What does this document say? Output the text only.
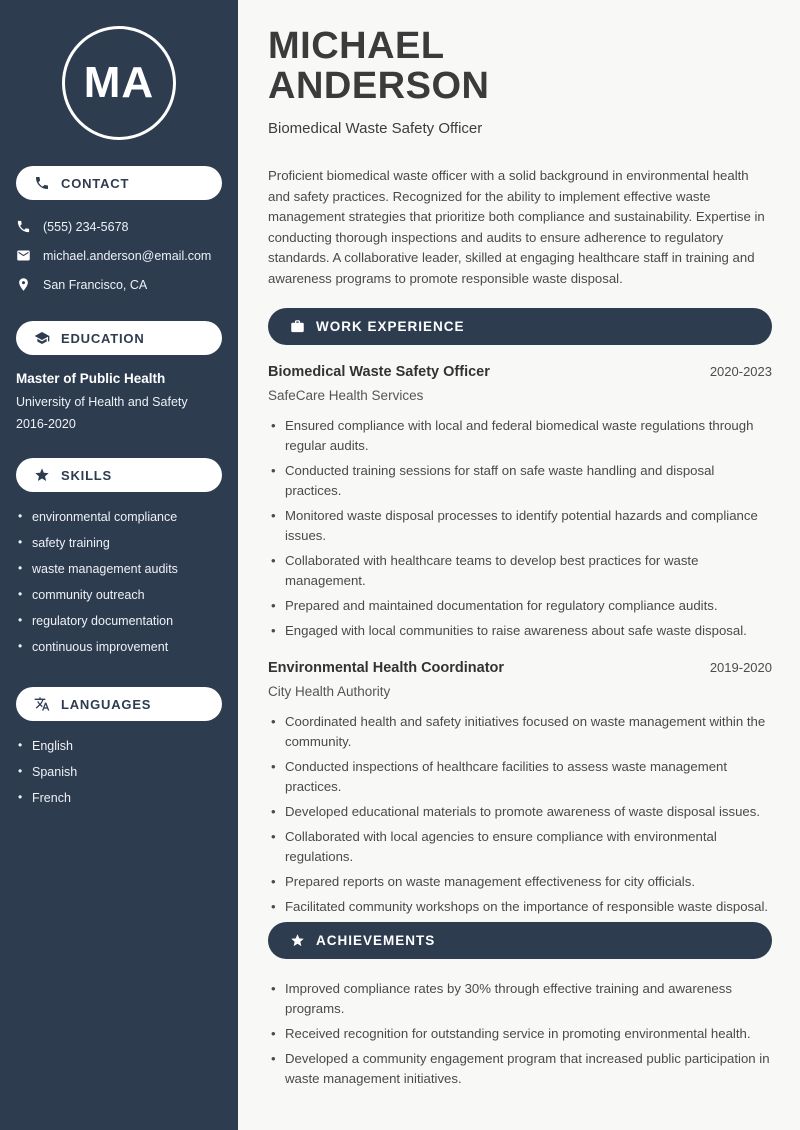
MA
CONTACT
(555) 234-5678
michael.anderson@email.com
San Francisco, CA
EDUCATION
Master of Public Health
University of Health and Safety
2016-2020
SKILLS
• environmental compliance
• safety training
• waste management audits
• community outreach
• regulatory documentation
• continuous improvement
LANGUAGES
• English
• Spanish
• French
MICHAEL
ANDERSON
Biomedical Waste Safety Officer

Proficient biomedical waste officer with a solid background in environmental health and safety practices. Recognized for the ability to implement effective waste management strategies that prioritize both compliance and sustainability. Expertise in conducting thorough inspections and audits to ensure adherence to regulatory standards. A collaborative leader, skilled at engaging healthcare staff in training and awareness programs to promote responsible waste disposal.

WORK EXPERIENCE
Biomedical Waste Safety Officer	2020-2023
SafeCare Health Services
• Ensured compliance with local and federal biomedical waste regulations through regular audits.
• Conducted training sessions for staff on safe waste handling and disposal practices.
• Monitored waste disposal processes to identify potential hazards and compliance issues.
• Collaborated with healthcare teams to develop best practices for waste management.
• Prepared and maintained documentation for regulatory compliance audits.
• Engaged with local communities to raise awareness about safe waste disposal.
Environmental Health Coordinator	2019-2020
City Health Authority
• Coordinated health and safety initiatives focused on waste management within the community.
• Conducted inspections of healthcare facilities to assess waste management practices.
• Developed educational materials to promote awareness of waste disposal issues.
• Collaborated with local agencies to ensure compliance with environmental regulations.
• Prepared reports on waste management effectiveness for city officials.
• Facilitated community workshops on the importance of responsible waste disposal.
ACHIEVEMENTS
• Improved compliance rates by 30% through effective training and awareness programs.
• Received recognition for outstanding service in promoting environmental health.
• Developed a community engagement program that increased public participation in waste management initiatives.
